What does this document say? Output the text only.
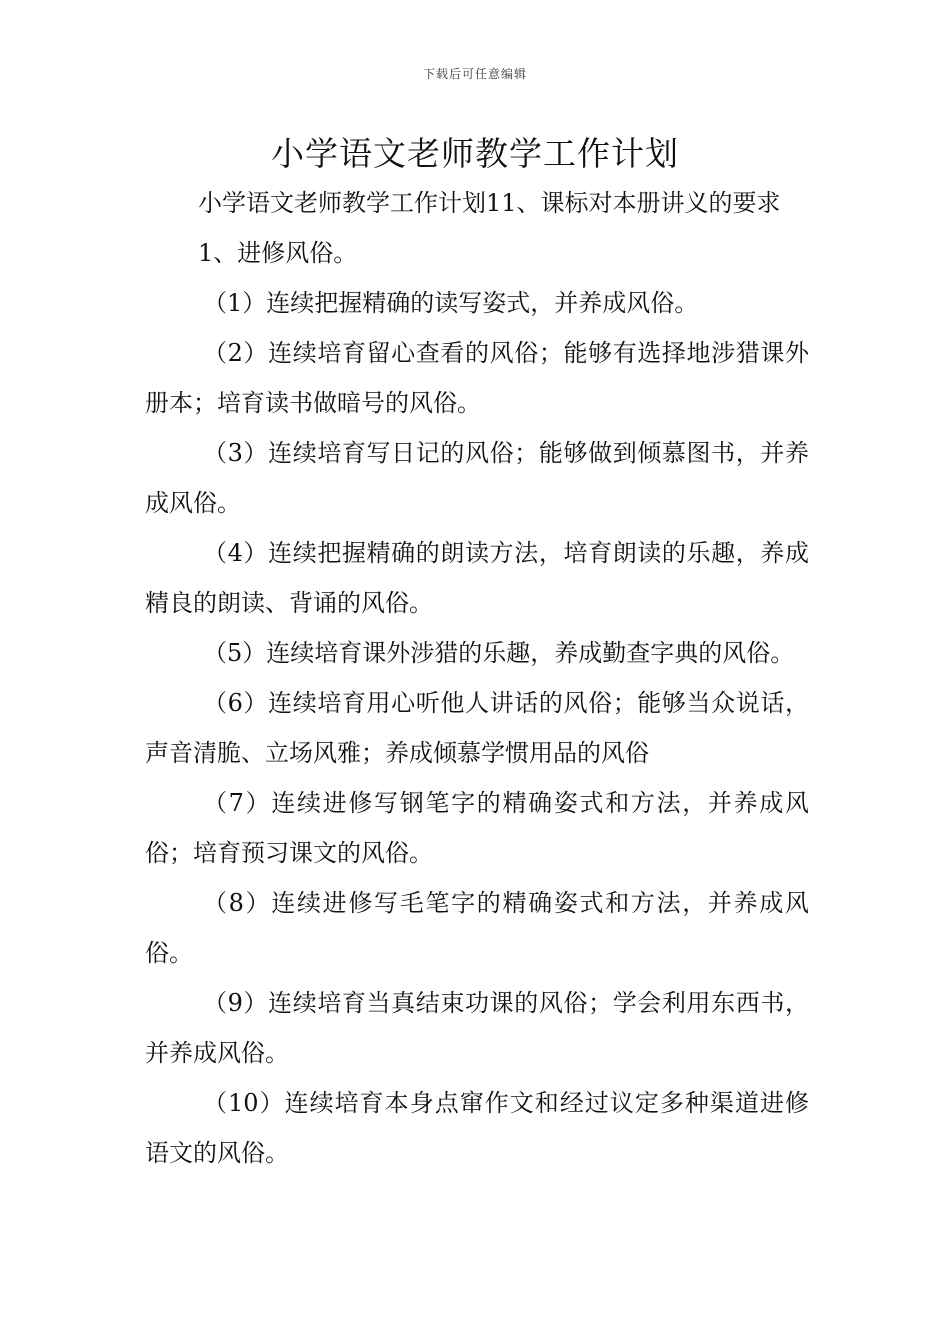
下载后可任意编辑
小学语文老师教学工作计划

小学语文老师教学工作计划11、课标对本册讲义的要求

1、进修风俗。

（1）连续把握精确的读写姿式，并养成风俗。

（2）连续培育留心查看的风俗；能够有选择地涉猎课外册本；培育读书做暗号的风俗。

（3）连续培育写日记的风俗；能够做到倾慕图书，并养成风俗。

（4）连续把握精确的朗读方法，培育朗读的乐趣，养成精良的朗读、背诵的风俗。

（5）连续培育课外涉猎的乐趣，养成勤查字典的风俗。

（6）连续培育用心听他人讲话的风俗；能够当众说话，声音清脆、立场风雅；养成倾慕学惯用品的风俗

（7）连续进修写钢笔字的精确姿式和方法，并养成风俗；培育预习课文的风俗。

（8）连续进修写毛笔字的精确姿式和方法，并养成风俗。

（9）连续培育当真结束功课的风俗；学会利用东西书，并养成风俗。

（10）连续培育本身点窜作文和经过议定多种渠道进修语文的风俗。
